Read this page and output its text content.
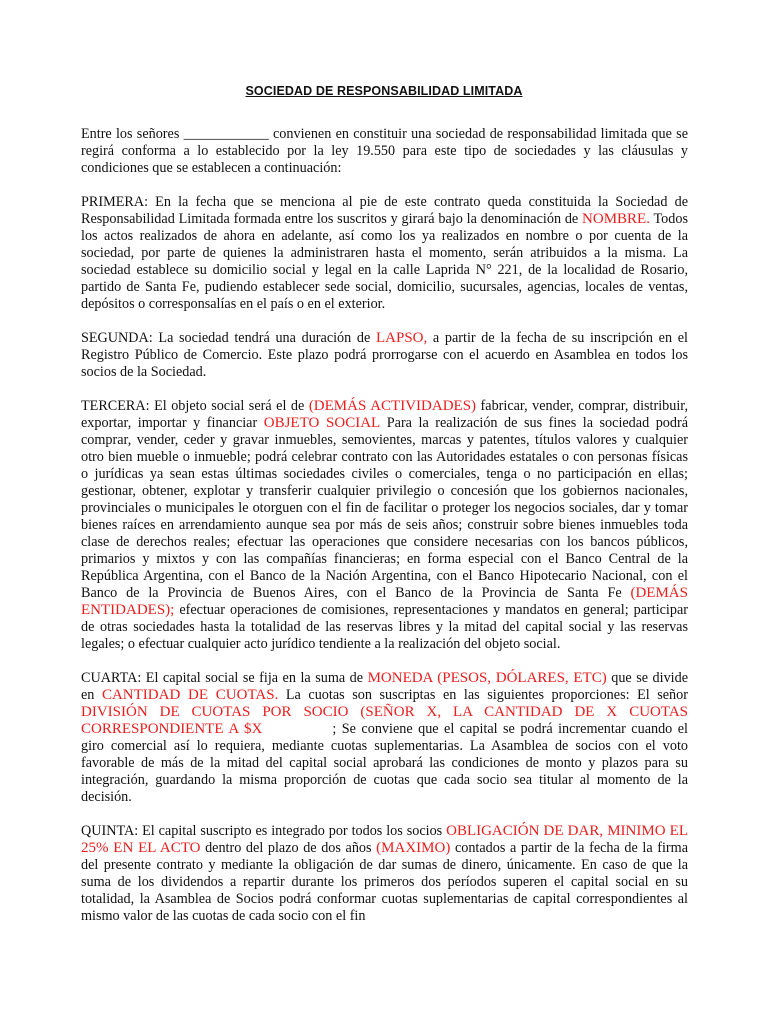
SOCIEDAD DE RESPONSABILIDAD LIMITADA

Entre los señores ____________ convienen en constituir una sociedad de responsabilidad limitada que se regirá conforma a lo establecido por la ley 19.550 para este tipo de sociedades y las cláusulas y condiciones que se establecen a continuación:

PRIMERA: En la fecha que se menciona al pie de este contrato queda constituida la Sociedad de Responsabilidad Limitada formada entre los suscritos y girará bajo la denominación de NOMBRE. Todos los actos realizados de ahora en adelante, así como los ya realizados en nombre o por cuenta de la sociedad, por parte de quienes la administraren hasta el momento, serán atribuidos a la misma. La sociedad establece su domicilio social y legal en la calle Laprida N° 221, de la localidad de Rosario, partido de Santa Fe, pudiendo establecer sede social, domicilio, sucursales, agencias, locales de ventas, depósitos o corresponsalías en el país o en el exterior.

SEGUNDA: La sociedad tendrá una duración de LAPSO, a partir de la fecha de su inscripción en el Registro Público de Comercio. Este plazo podrá prorrogarse con el acuerdo en Asamblea en todos los socios de la Sociedad.

TERCERA: El objeto social será el de (DEMÁS ACTIVIDADES) fabricar, vender, comprar, distribuir, exportar, importar y financiar OBJETO SOCIAL Para la realización de sus fines la sociedad podrá comprar, vender, ceder y gravar inmuebles, semovientes, marcas y patentes, títulos valores y cualquier otro bien mueble o inmueble; podrá celebrar contrato con las Autoridades estatales o con personas físicas o jurídicas ya sean estas últimas sociedades civiles o comerciales, tenga o no participación en ellas; gestionar, obtener, explotar y transferir cualquier privilegio o concesión que los gobiernos nacionales, provinciales o municipales le otorguen con el fin de facilitar o proteger los negocios sociales, dar y tomar bienes raíces en arrendamiento aunque sea por más de seis años; construir sobre bienes inmuebles toda clase de derechos reales; efectuar las operaciones que considere necesarias con los bancos públicos, primarios y mixtos y con las compañías financieras; en forma especial con el Banco Central de la República Argentina, con el Banco de la Nación Argentina, con el Banco Hipotecario Nacional, con el Banco de la Provincia de Buenos Aires, con el Banco de la Provincia de Santa Fe (DEMÁS ENTIDADES); efectuar operaciones de comisiones, representaciones y mandatos en general; participar de otras sociedades hasta la totalidad de las reservas libres y la mitad del capital social y las reservas legales; o efectuar cualquier acto jurídico tendiente a la realización del objeto social.

CUARTA: El capital social se fija en la suma de MONEDA (PESOS, DÓLARES, ETC) que se divide en CANTIDAD DE CUOTAS. La cuotas son suscriptas en las siguientes proporciones: El señor DIVISIÓN DE CUOTAS POR SOCIO (SEÑOR X, LA CANTIDAD DE X CUOTAS CORRESPONDIENTE A $X	; Se conviene que el capital se podrá incrementar cuando el giro comercial así lo requiera, mediante cuotas suplementarias. La Asamblea de socios con el voto favorable de más de la mitad del capital social aprobará las condiciones de monto y plazos para su integración, guardando la misma proporción de cuotas que cada socio sea titular al momento de la decisión.

QUINTA: El capital suscripto es integrado por todos los socios OBLIGACIÓN DE DAR, MINIMO EL 25% EN EL ACTO dentro del plazo de dos años (MAXIMO) contados a partir de la fecha de la firma del presente contrato y mediante la obligación de dar sumas de dinero, únicamente. En caso de que la suma de los dividendos a repartir durante los primeros dos períodos superen el capital social en su totalidad, la Asamblea de Socios podrá conformar cuotas suplementarias de capital correspondientes al mismo valor de las cuotas de cada socio con el fin
